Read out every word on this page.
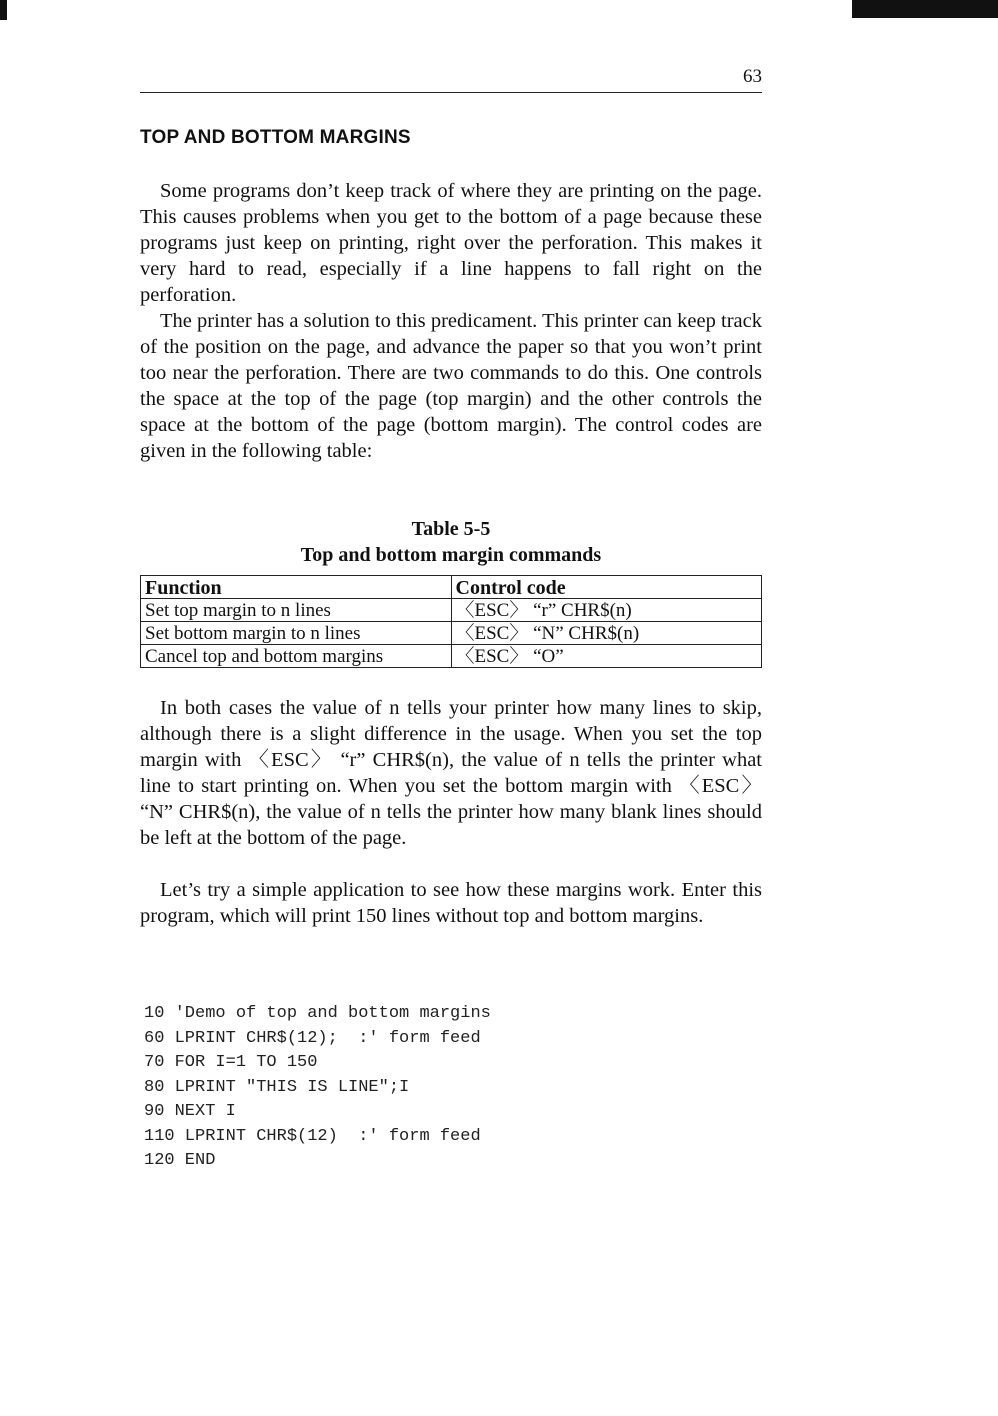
63
TOP AND BOTTOM MARGINS

Some programs don’t keep track of where they are printing on the page. This causes problems when you get to the bottom of a page because these programs just keep on printing, right over the perforation. This makes it very hard to read, especially if a line happens to fall right on the perforation.

The printer has a solution to this predicament. This printer can keep track of the position on the page, and advance the paper so that you won’t print too near the perforation. There are two commands to do this. One controls the space at the top of the page (top margin) and the other controls the space at the bottom of the page (bottom margin). The control codes are given in the following table:

Table 5-5
Top and bottom margin commands
Function	Control code
Set top margin to n lines	〈ESC〉 “r” CHR$(n)
Set bottom margin to n lines	〈ESC〉 “N” CHR$(n)
Cancel top and bottom margins	〈ESC〉 “O”

In both cases the value of n tells your printer how many lines to skip, although there is a slight difference in the usage. When you set the top margin with 〈ESC〉 “r” CHR$(n), the value of n tells the printer what line to start printing on. When you set the bottom margin with 〈ESC〉 “N” CHR$(n), the value of n tells the printer how many blank lines should be left at the bottom of the page.

Let’s try a simple application to see how these margins work. Enter this program, which will print 150 lines without top and bottom margins.

10 'Demo of top and bottom margins
60 LPRINT CHR$(12);  :' form feed
70 FOR I=1 TO 150
80 LPRINT "THIS IS LINE";I
90 NEXT I
110 LPRINT CHR$(12)  :' form feed
120 END
